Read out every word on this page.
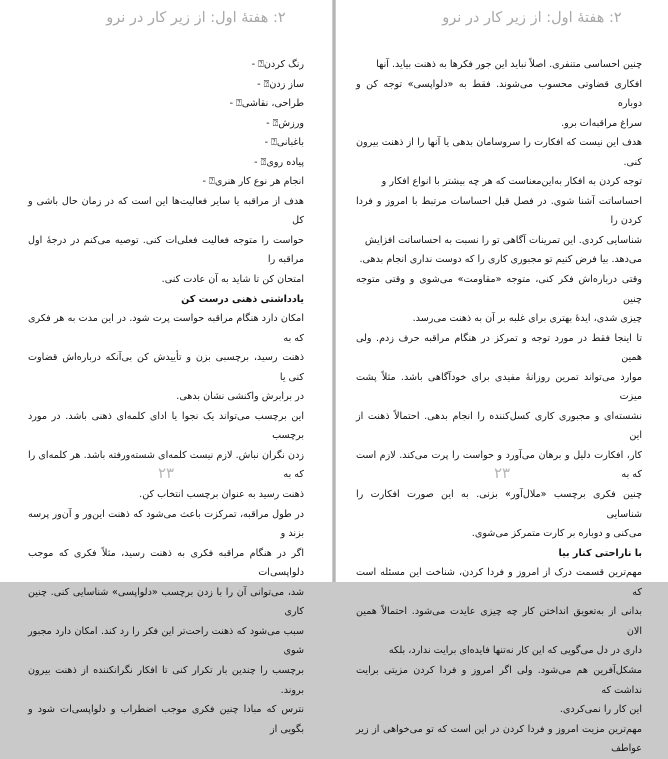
۲: هفتهٔ اول: از زیر کار در نرو
رنگ کردن⍰ -
ساز زدن⍰ -
طراحی، نقاشی⍰ -
ورزش⍰ -
باغبانی⍰ -
پیاده روی⍰ -
انجام هر نوع کار هنری⍰ -

هدف از مراقبه یا سایر فعالیت‌ها این است که در زمان حال باشی و کل

حواست را متوجه فعالیت فعلی‌ات کنی. توصیه می‌کنم در درجهٔ اول مراقبه را

امتحان کن تا شاید به آن عادت کنی.

یادداشتی ذهنی درست کن

امکان دارد هنگام مراقبه حواست پرت شود. در این مدت به هر فکری که به

ذهنت رسید، برچسبی بزن و تأییدش کن بی‌آنکه درباره‌اش قضاوت کنی یا

در برابرش واکنشی نشان بدهی.

این برچسب می‌تواند یک نجوا یا ادای کلمه‌ای ذهنی باشد. در مورد برچسب

زدن نگران نباش. لازم نیست کلمه‌ای شسته‌ورفته باشد. هر کلمه‌ای را که به

ذهنت رسید به عنوان برچسب انتخاب کن.

در طول مراقبه، تمرکزت باعث می‌شود که ذهنت این‌ور و آن‌ور پرسه بزند و

اگر در هنگام مراقبه فکری به ذهنت رسید، مثلاً فکری که موجب دلواپسی‌ات

شد، می‌توانی آن را با زدن برچسب «دلواپسی» شناسایی کنی. چنین کاری

سبب می‌شود که ذهنت راحت‌تر این فکر را رد کند. امکان دارد مجبور شوی

برچسب را چندین بار تکرار کنی تا افکار نگرانکننده از ذهنت بیرون بروند.

نترس که مبادا چنین فکری موجب اضطراب و دلواپسی‌ات شود و بگویی از

۲۳
۲: هفتهٔ اول: از زیر کار در نرو

چنین احساسی متنفری. اصلاً نباید این جور فکرها به ذهنت بیاید. آنها

افکاری قضاوتی محسوب می‌شوند. فقط به «دلواپسی» توجه کن و دوباره

سراغ مراقبه‌ات برو.

هدف این نیست که افکارت را سروسامان بدهی یا آنها را از ذهنت بیرون کنی.

توجه کردن به افکار به‌این‌معناست که هر چه بیشتر با انواع افکار و

احساساتت آشنا شوی. در فصل قبل احساسات مرتبط با امروز و فردا کردن را

شناسایی کردی. این تمرینات آگاهی تو را نسبت به احساساتت افزایش

می‌دهد. بیا فرض کنیم تو مجبوری کاری را که دوست نداری انجام بدهی.

وقتی درباره‌اش فکر کنی، متوجه «مقاومت» می‌شوی و وقتی متوجه چنین

چیزی شدی، ایدهٔ بهتری برای غلبه بر آن به ذهنت می‌رسد.

تا اینجا فقط در مورد توجه و تمرکز در هنگام مراقبه حرف زدم. ولی همین

موارد می‌تواند تمرین روزانهٔ مفیدی برای خودآگاهی باشد. مثلاً پشت میزت

نشسته‌ای و مجبوری کاری کسل‌کننده را انجام بدهی. احتمالاً ذهنت از این

کار، افکارت دلیل و برهان می‌آورد و حواست را پرت می‌کند. لازم است که به

چنین فکری برچسب «ملال‌آور» بزنی. به این صورت افکارت را شناسایی

می‌کنی و دوباره بر کارت متمرکز می‌شوی.

با ناراحتی کنار بیا

مهم‌ترین قسمت درک از امروز و فردا کردن، شناخت این مسئله است که

بدانی از به‌تعویق انداختن کار چه چیزی عایدت می‌شود. احتمالاً همین الان

داری در دل می‌گویی که این کار نه‌تنها فایده‌ای برایت ندارد، بلکه

مشکل‌آفرین هم می‌شود. ولی اگر امروز و فردا کردن مزیتی برایت نداشت که

این کار را نمی‌کردی.

مهم‌ترین مزیت امروز و فردا کردن در این است که تو می‌خواهی از زیر عواطف

۲۳
